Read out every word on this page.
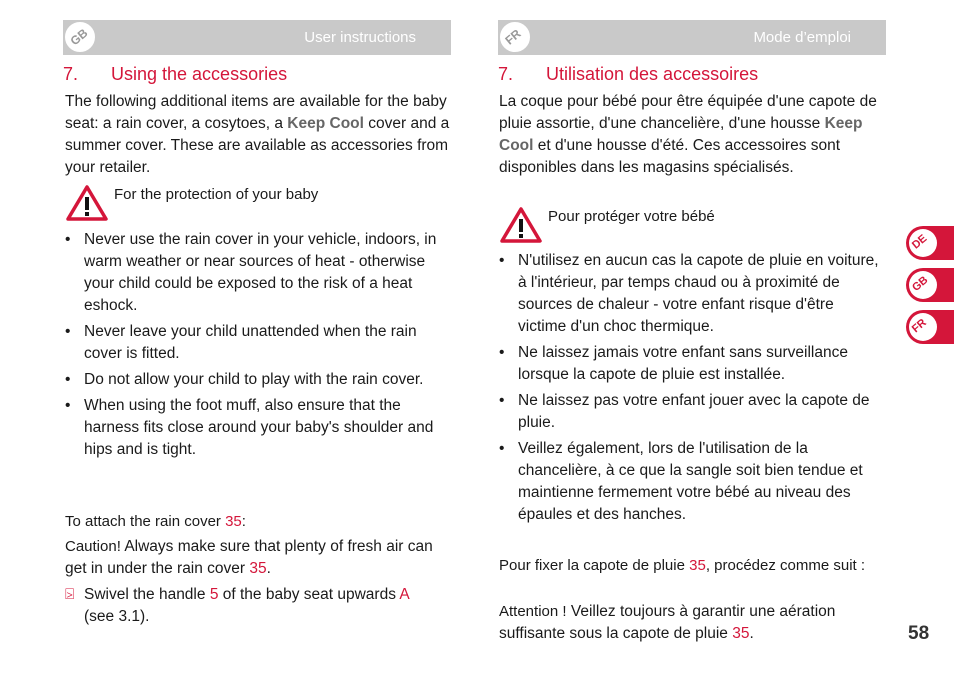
User instructions
GB	Mode d’emploi
FR
7. Using the accessories
The following additional items are available for the baby seat: a rain cover, a cosytoes, a Keep Cool cover and a summer cover. These are available as accessories from your retailer.
For the protection of your baby
• Never use the rain cover in your vehicle, indoors, in warm weather or near sources of heat - otherwise your child could be exposed to the risk of a heat eshock.
• Never leave your child unattended when the rain cover is fitted.
• Do not allow your child to play with the rain cover.
• When using the foot muff, also ensure that the harness fits close around your baby's shoulder and hips and is tight.
To attach the rain cover 35:
Caution! Always make sure that plenty of fresh air can get in under the rain cover 35.
⍄ Swivel the handle 5 of the baby seat upwards A
(see 3.1).
7. Utilisation des accessoires
La coque pour bébé pour être équipée d'une capote de pluie assortie, d'une chancelière, d'une housse Keep Cool et d'une housse d'été. Ces accessoires sont disponibles dans les magasins spécialisés.
Pour protéger votre bébé
• N'utilisez en aucun cas la capote de pluie en voiture, à l'intérieur, par temps chaud ou à proximité de sources de chaleur - votre enfant risque d'être victime d'un choc thermique.
• Ne laissez jamais votre enfant sans surveillance lorsque la capote de pluie est installée.
• Ne laissez pas votre enfant jouer avec la capote de pluie.
• Veillez également, lors de l'utilisation de la chancelière, à ce que la sangle soit bien tendue et maintienne fermement votre bébé au niveau des épaules et des hanches.
Pour fixer la capote de pluie 35, procédez comme suit :
Attention ! Veillez toujours à garantir une aération suffisante sous la capote de pluie 35.
DE
GB
FR
58
